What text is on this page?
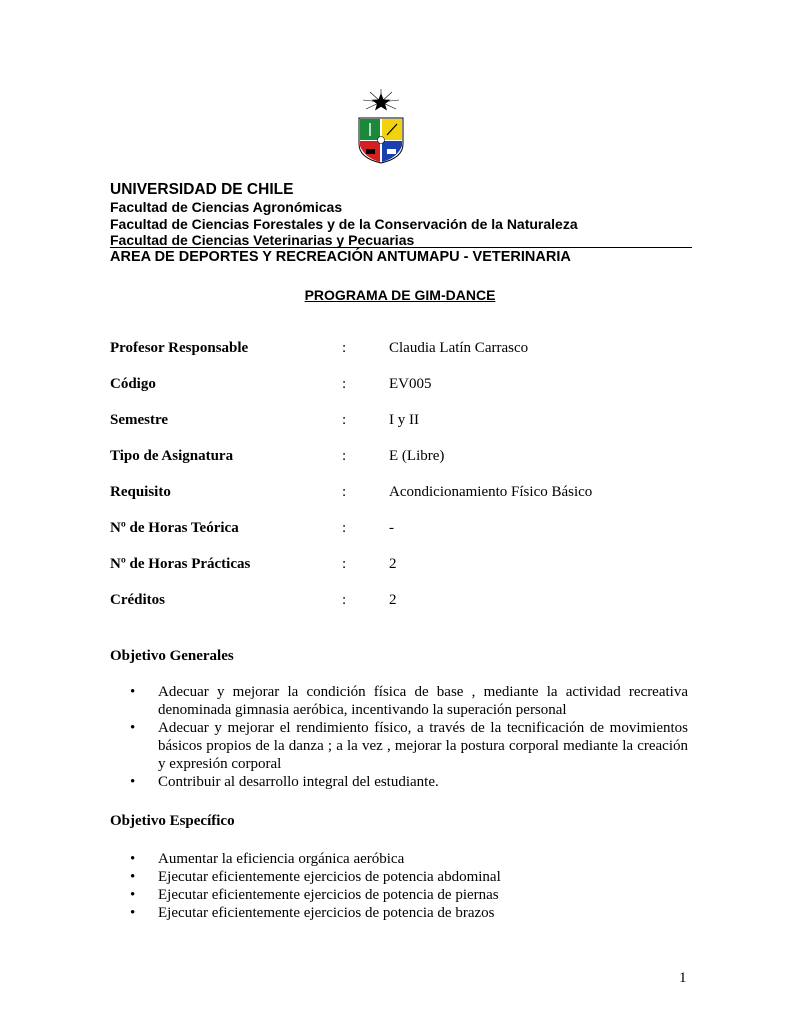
UNIVERSIDAD DE CHILE
Facultad de Ciencias Agronómicas
Facultad de Ciencias Forestales y de la Conservación de la Naturaleza
Facultad de Ciencias Veterinarias y Pecuarias
AREA DE DEPORTES Y RECREACIÓN ANTUMAPU - VETERINARIA
PROGRAMA DE GIM-DANCE
Profesor Responsable	:	Claudia Latín Carrasco
Código	:	EV005
Semestre	:	I y II
Tipo de Asignatura	:	E (Libre)
Requisito	:	Acondicionamiento Físico Básico
Nº de Horas Teórica	:	-
Nº de Horas Prácticas	:	2
Créditos	:	2
Objetivo Generales
• Adecuar y mejorar la condición física de base , mediante la actividad recreativa denominada gimnasia aeróbica, incentivando la superación personal
• Adecuar y mejorar el rendimiento físico, a través de la tecnificación de movimientos básicos propios de la danza ; a la vez , mejorar la postura corporal mediante la creación y expresión corporal
• Contribuir al desarrollo integral del estudiante.
Objetivo Específico
• Aumentar la eficiencia orgánica aeróbica
• Ejecutar eficientemente ejercicios de potencia abdominal
• Ejecutar eficientemente ejercicios de potencia de piernas
• Ejecutar eficientemente ejercicios de potencia de brazos
1
